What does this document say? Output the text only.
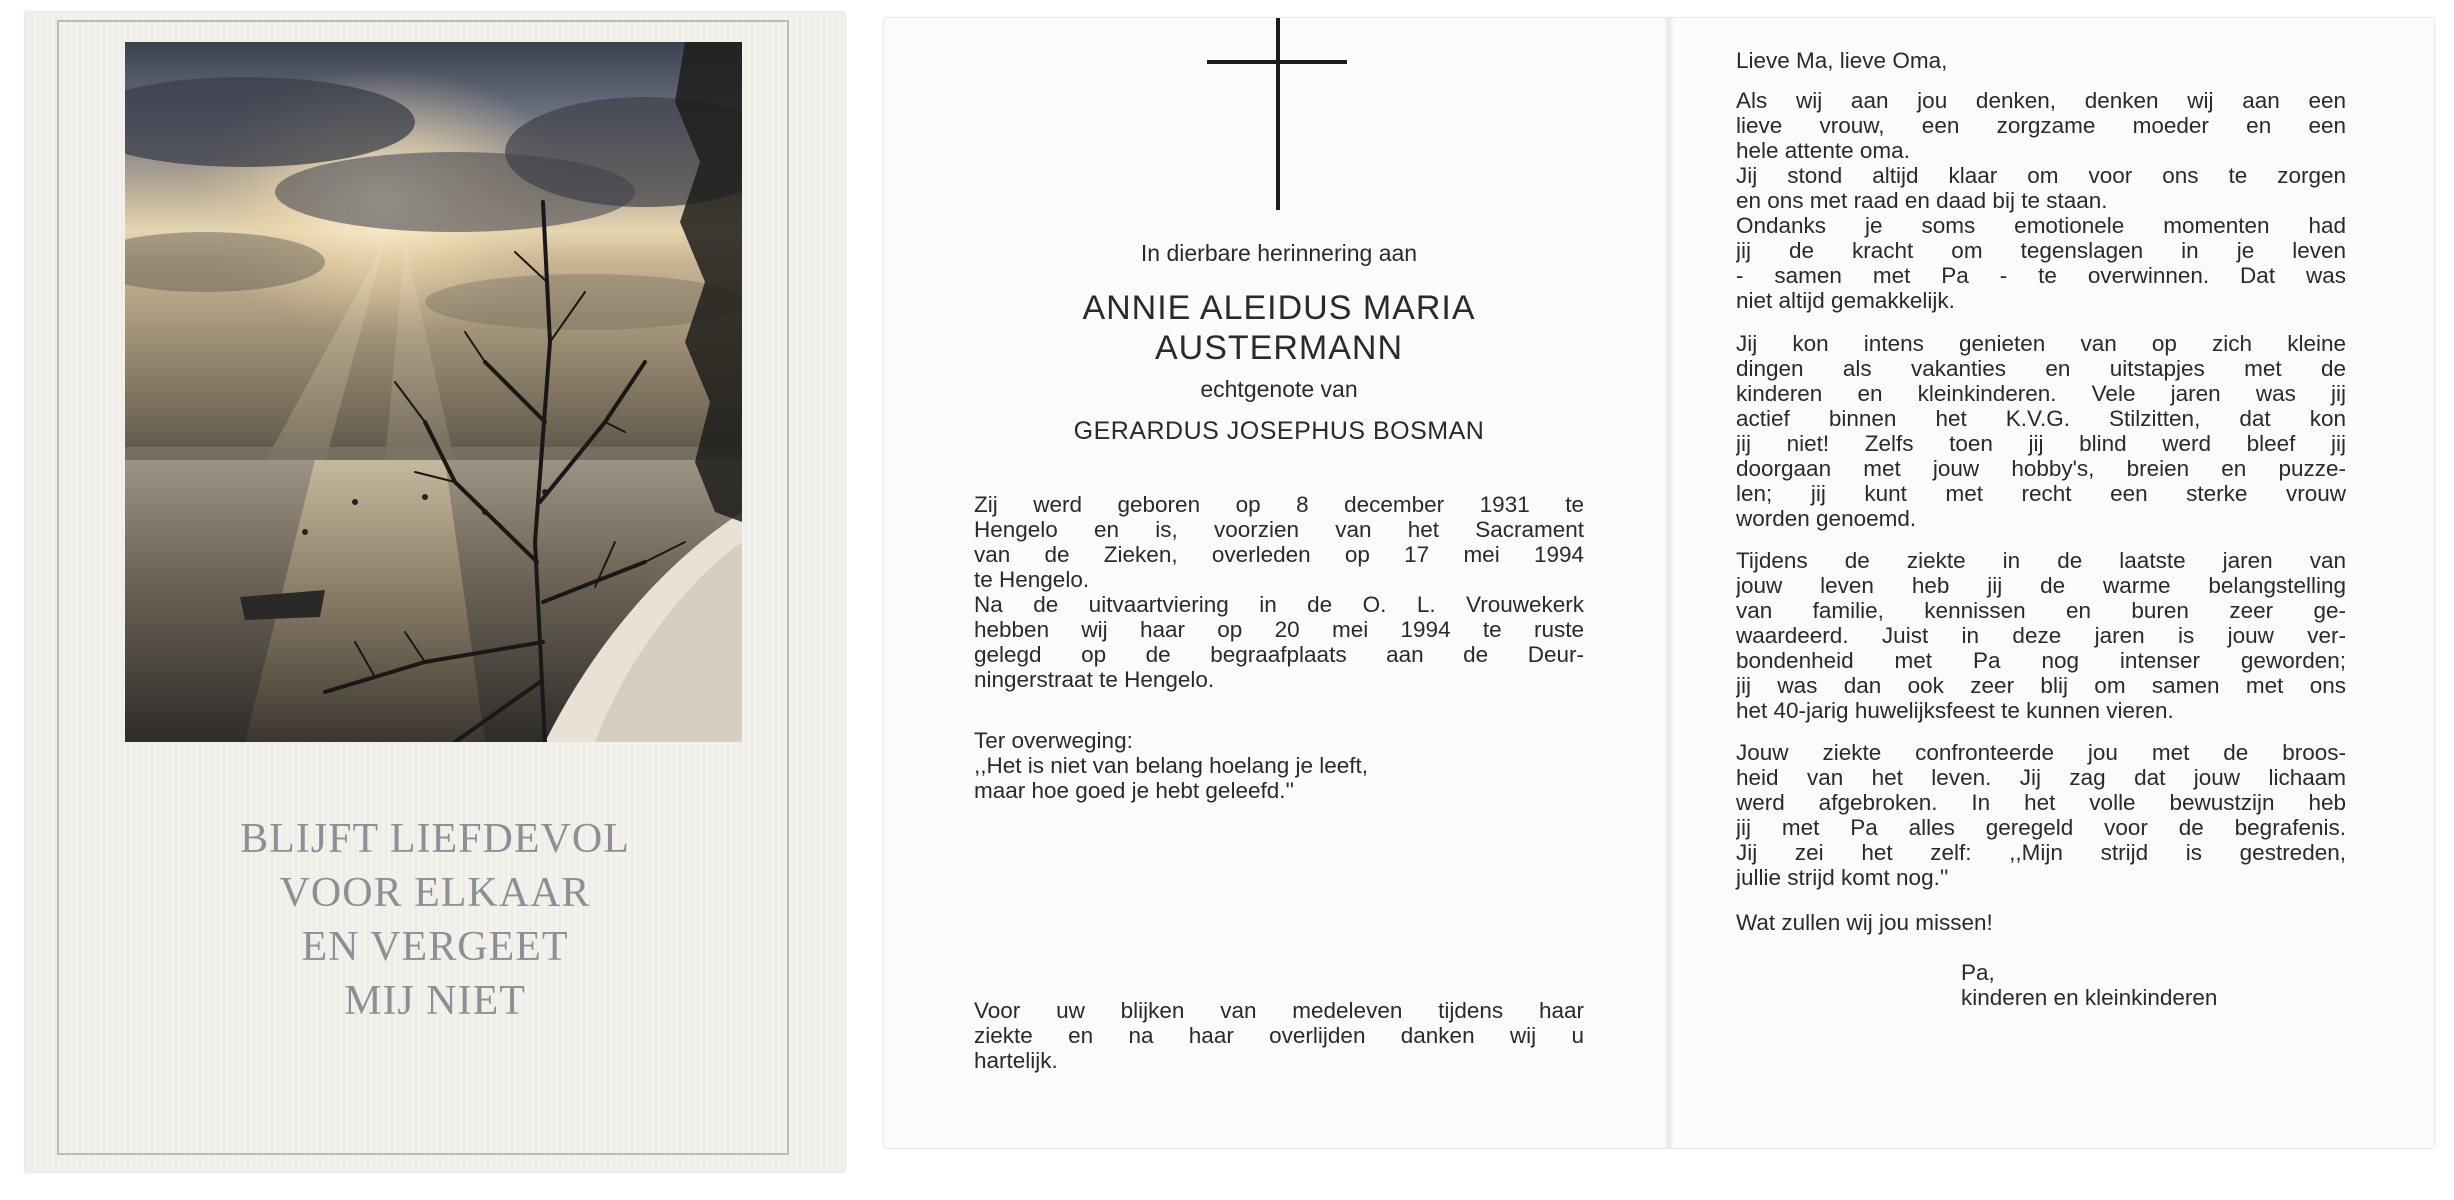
BLIJFT LIEFDEVOL
VOOR ELKAAR
EN VERGEET
MIJ NIET
In dierbare herinnering aan
ANNIE ALEIDUS MARIA
AUSTERMANN
echtgenote van
GERARDUS JOSEPHUS BOSMAN
Zij werd geboren op 8 december 1931 te
Hengelo en is, voorzien van het Sacrament
van de Zieken, overleden op 17 mei 1994
te Hengelo.
Na de uitvaartviering in de O. L. Vrouwekerk
hebben wij haar op 20 mei 1994 te ruste
gelegd op de begraafplaats aan de Deur-
ningerstraat te Hengelo.
Ter overweging:
,,Het is niet van belang hoelang je leeft,
maar hoe goed je hebt geleefd.''
Voor uw blijken van medeleven tijdens haar
ziekte en na haar overlijden danken wij u
hartelijk.
Lieve Ma, lieve Oma,
Als wij aan jou denken, denken wij aan een
lieve vrouw, een zorgzame moeder en een
hele attente oma.
Jij stond altijd klaar om voor ons te zorgen
en ons met raad en daad bij te staan.
Ondanks je soms emotionele momenten had
jij de kracht om tegenslagen in je leven
- samen met Pa - te overwinnen. Dat was
niet altijd gemakkelijk.
Jij kon intens genieten van op zich kleine
dingen als vakanties en uitstapjes met de
kinderen en kleinkinderen. Vele jaren was jij
actief binnen het K.V.G. Stilzitten, dat kon
jij niet! Zelfs toen jij blind werd bleef jij
doorgaan met jouw hobby's, breien en puzze-
len; jij kunt met recht een sterke vrouw
worden genoemd.
Tijdens de ziekte in de laatste jaren van
jouw leven heb jij de warme belangstelling
van familie, kennissen en buren zeer ge-
waardeerd. Juist in deze jaren is jouw ver-
bondenheid met Pa nog intenser geworden;
jij was dan ook zeer blij om samen met ons
het 40-jarig huwelijksfeest te kunnen vieren.
Jouw ziekte confronteerde jou met de broos-
heid van het leven. Jij zag dat jouw lichaam
werd afgebroken. In het volle bewustzijn heb
jij met Pa alles geregeld voor de begrafenis.
Jij zei het zelf: ,,Mijn strijd is gestreden,
jullie strijd komt nog.''
Wat zullen wij jou missen!
Pa,
kinderen en kleinkinderen
